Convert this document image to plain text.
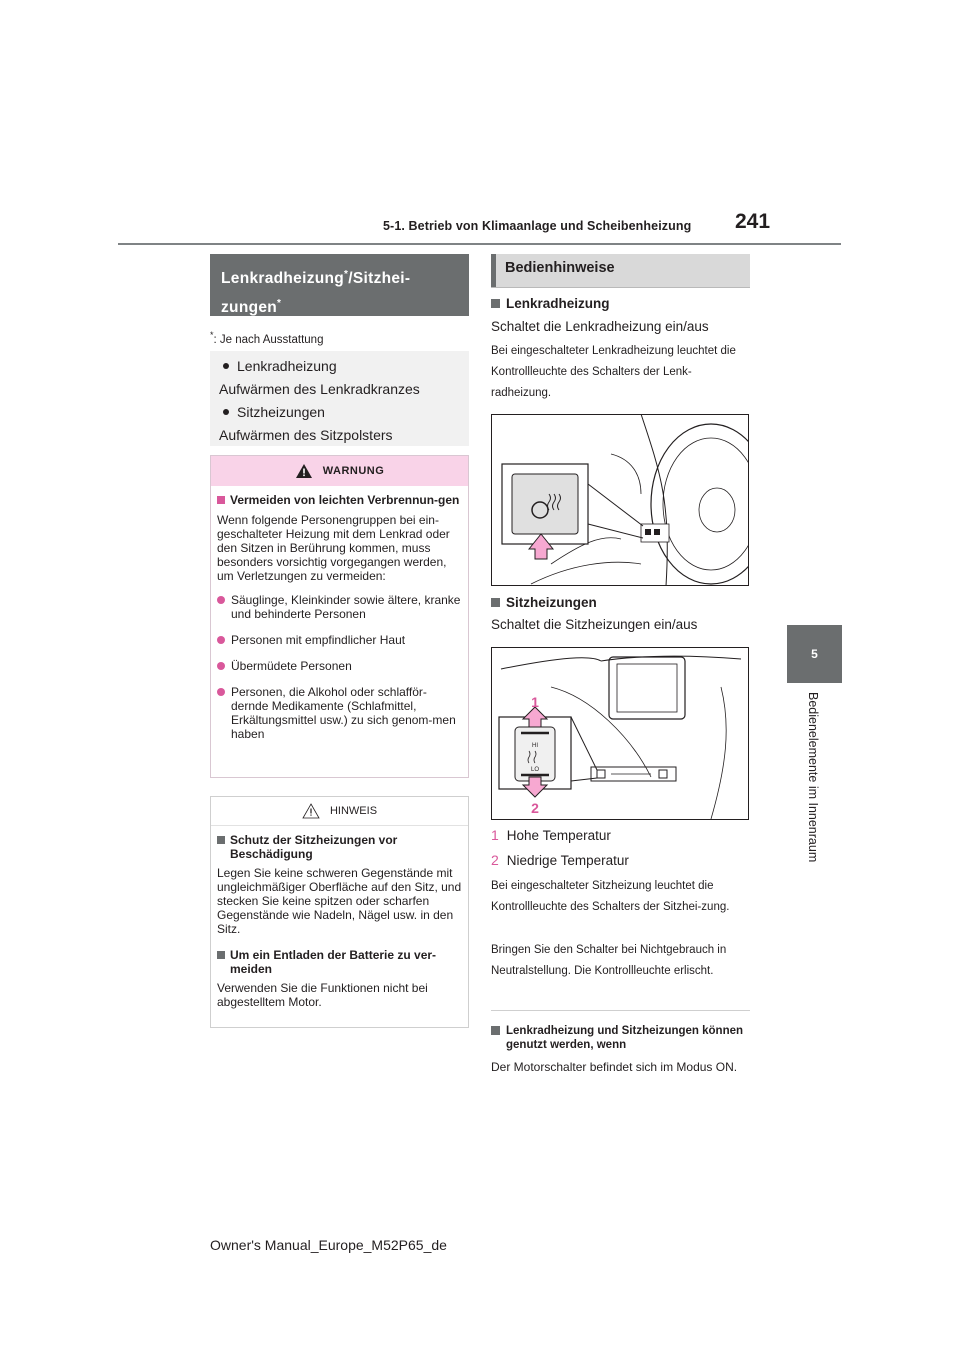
5-1. Betrieb von Klimaanlage und Scheibenheizung 241
5
Bedienelemente im Innenraum
Lenkradheizung*/Sitzhei-
zungen*
*: Je nach Ausstattung
Lenkradheizung
Aufwärmen des Lenkradkranzes
Sitzheizungen
Aufwärmen des Sitzpolsters
WARNUNG
Vermeiden von leichten Verbrennun-gen
Wenn folgende Personengruppen bei ein-geschalteter Heizung mit dem Lenkrad oder den Sitzen in Berührung kommen, muss besonders vorsichtig vorgegangen werden, um Verletzungen zu vermeiden:
Säuglinge, Kleinkinder sowie ältere, kranke und behinderte Personen
Personen mit empfindlicher Haut
Übermüdete Personen
Personen, die Alkohol oder schlafför-dernde Medikamente (Schlafmittel, Erkältungsmittel usw.) zu sich genom-men haben
HINWEIS
Schutz der Sitzheizungen vor Beschädigung
Legen Sie keine schweren Gegenstände mit ungleichmäßiger Oberfläche auf den Sitz, und stecken Sie keine spitzen oder scharfen Gegenstände wie Nadeln, Nägel usw. in den Sitz.
Um ein Entladen der Batterie zu ver-meiden
Verwenden Sie die Funktionen nicht bei abgestelltem Motor.
Bedienhinweise
Lenkradheizung
Schaltet die Lenkradheizung ein/aus
Bei eingeschalteter Lenkradheizung leuchtet die Kontrollleuchte des Schalters der Lenk-radheizung.
Sitzheizungen
Schaltet die Sitzheizungen ein/aus
HI
LO
1
2
1 Hohe Temperatur
2 Niedrige Temperatur
Bei eingeschalteter Sitzheizung leuchtet die Kontrollleuchte des Schalters der Sitzhei-zung.
Bringen Sie den Schalter bei Nichtgebrauch in Neutralstellung. Die Kontrollleuchte erlischt.
Lenkradheizung und Sitzheizungen können genutzt werden, wenn
Der Motorschalter befindet sich im Modus ON.
Owner's Manual_Europe_M52P65_de
